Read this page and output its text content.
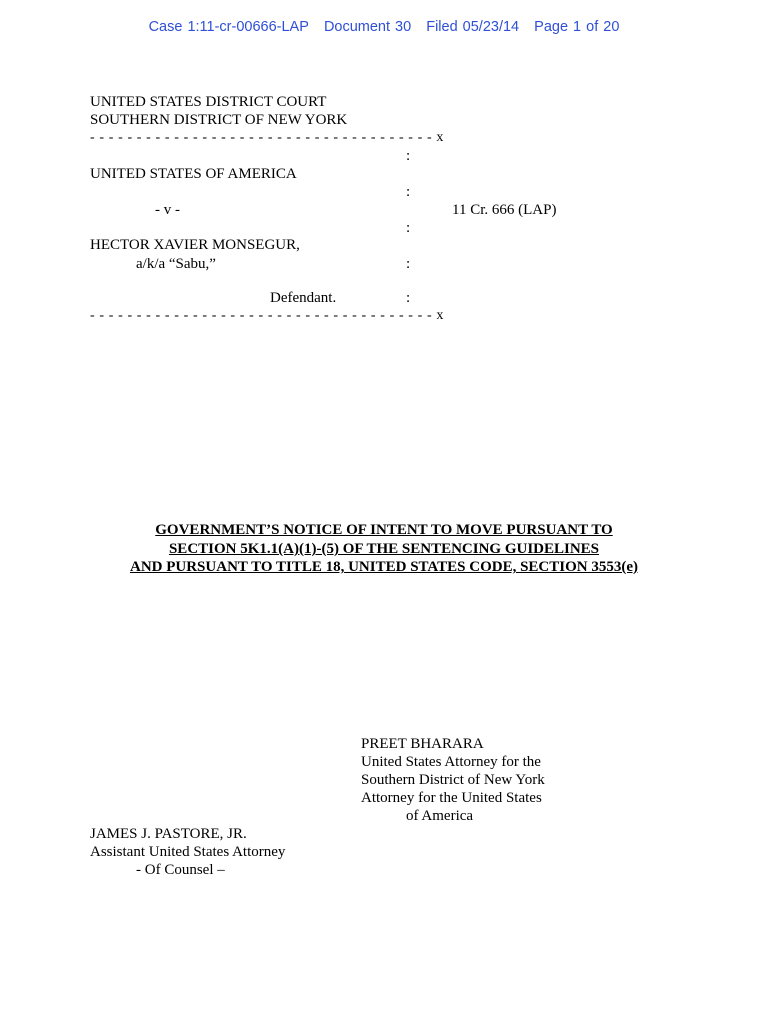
Case 1:11-cr-00666-LAP Document 30 Filed 05/23/14 Page 1 of 20
UNITED STATES DISTRICT COURT
SOUTHERN DISTRICT OF NEW YORK
- - - - - - - - - - - - - - - - - - - - - - - - - - - - - - - - - - - - - x
:
UNITED STATES OF AMERICA
:
- v -	11 Cr. 666 (LAP)
:
HECTOR XAVIER MONSEGUR,
a/k/a “Sabu,”	:
Defendant.	:
- - - - - - - - - - - - - - - - - - - - - - - - - - - - - - - - - - - - - x
GOVERNMENT’S NOTICE OF INTENT TO MOVE PURSUANT TO
SECTION 5K1.1(A)(1)-(5) OF THE SENTENCING GUIDELINES
AND PURSUANT TO TITLE 18, UNITED STATES CODE, SECTION 3553(e)
PREET BHARARA
United States Attorney for the
Southern District of New York
Attorney for the United States
of America
JAMES J. PASTORE, JR.
Assistant United States Attorney
- Of Counsel –
